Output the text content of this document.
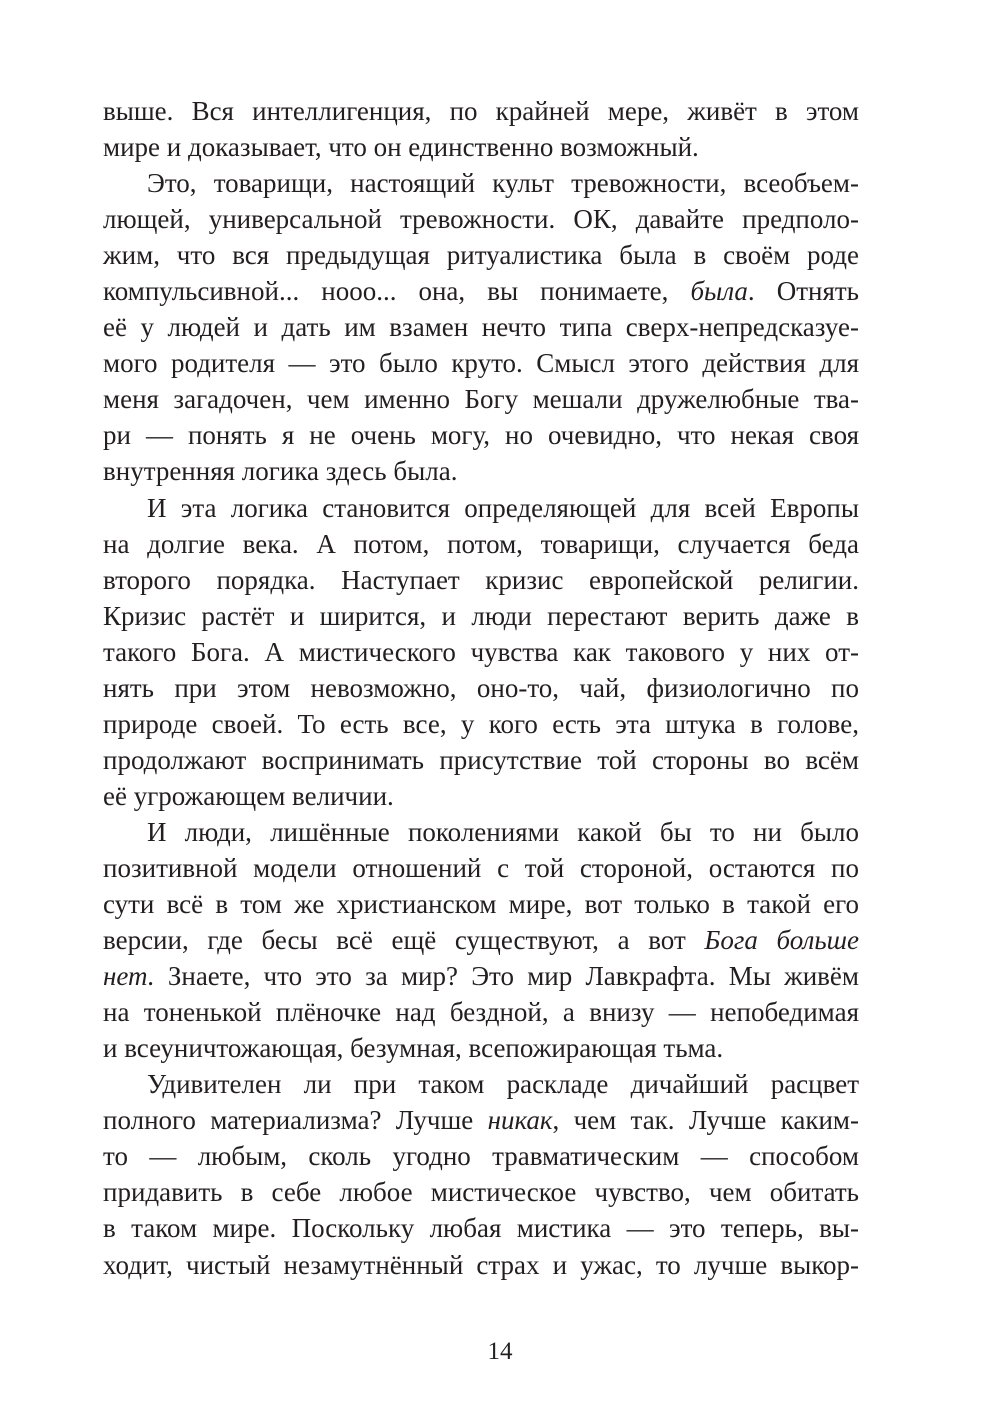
выше. Вся интеллигенция, по крайней мере, живёт в этом
мире и доказывает, что он единственно возможный.
Это, товарищи, настоящий культ тревожности, всеобъем-
лющей, универсальной тревожности. ОК, давайте предполо-
жим, что вся предыдущая ритуалистика была в своём роде
компульсивной... нооо... она, вы понимаете, была. Отнять
её у людей и дать им взамен нечто типа сверх-непредсказуе-
мого родителя — это было круто. Смысл этого действия для
меня загадочен, чем именно Богу мешали дружелюбные тва-
ри — понять я не очень могу, но очевидно, что некая своя
внутренняя логика здесь была.
И эта логика становится определяющей для всей Европы
на долгие века. А потом, потом, товарищи, случается беда
второго порядка. Наступает кризис европейской религии.
Кризис растёт и ширится, и люди перестают верить даже в
такого Бога. А мистического чувства как такового у них от-
нять при этом невозможно, оно-то, чай, физиологично по
природе своей. То есть все, у кого есть эта штука в голове,
продолжают воспринимать присутствие той стороны во всём
её угрожающем величии.
И люди, лишённые поколениями какой бы то ни было
позитивной модели отношений с той стороной, остаются по
сути всё в том же христианском мире, вот только в такой его
версии, где бесы всё ещё существуют, а вот Бога больше
нет. Знаете, что это за мир? Это мир Лавкрафта. Мы живём
на тоненькой плёночке над бездной, а внизу — непобедимая
и всеуничтожающая, безумная, всепожирающая тьма.
Удивителен ли при таком раскладе дичайший расцвет
полного материализма? Лучше никак, чем так. Лучше каким-
то — любым, сколь угодно травматическим — способом
придавить в себе любое мистическое чувство, чем обитать
в таком мире. Поскольку любая мистика — это теперь, вы-
ходит, чистый незамутнённый страх и ужас, то лучше выкор-
14
